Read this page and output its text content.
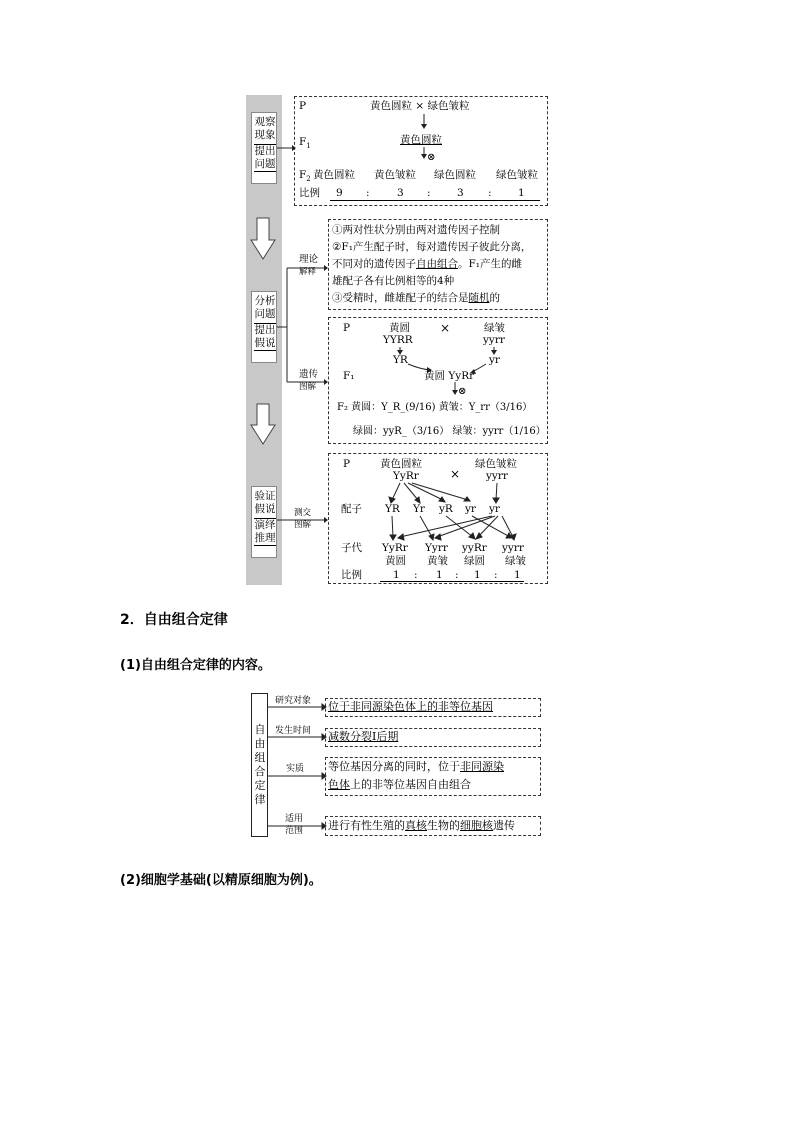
观察现象
提出问题
分析问题
提出假说
验证假说
演绎推理
P	黄色圆粒 × 绿色皱粒
$F_1$
黄色圆粒
⊗
$F_2$ 黄色圆粒 黄色皱粒 绿色圆粒 绿色皱粒
比例 9 :	3 :	3 :	1
理论
解释
遗传
图解
测交
图解
①两对性状分别由两对遗传因子控制
②F₁产生配子时，每对遗传因子彼此分离，
不同对的遗传因子自由组合。F₁产生的雌
雄配子各有比例相等的4种
③受精时，雌雄配子的结合是随机的
P	黄圆
YYRR
×	绿皱
yyrr
YR	yr
F₁	黄圆 YyRr
⊗
F₂ 黄圆：Y_R_(9/16) 黄皱：Y_rr（3/16）
绿圆：yyR_（3/16） 绿皱：yyrr（1/16）
P	黄色圆粒
YyRr	×
绿色皱粒
yyrr
配子 YR Yr yR yr yr
子代 YyRr Yyrr yyRr yyrr
黄圆 黄皱 绿圆 绿皱
比例	1 : 1 : 1 : 1
2．自由组合定律
(1)自由组合定律的内容。
自
由
组
合
定
律
研究对象
发生时间
实质
适用
范围
位于非同源染色体上的非等位基因
减数分裂Ⅰ后期
等位基因分离的同时，位于非同源染
色体上的非等位基因自由组合
进行有性生殖的真核生物的细胞核遗传
(2)细胞学基础(以精原细胞为例)。
